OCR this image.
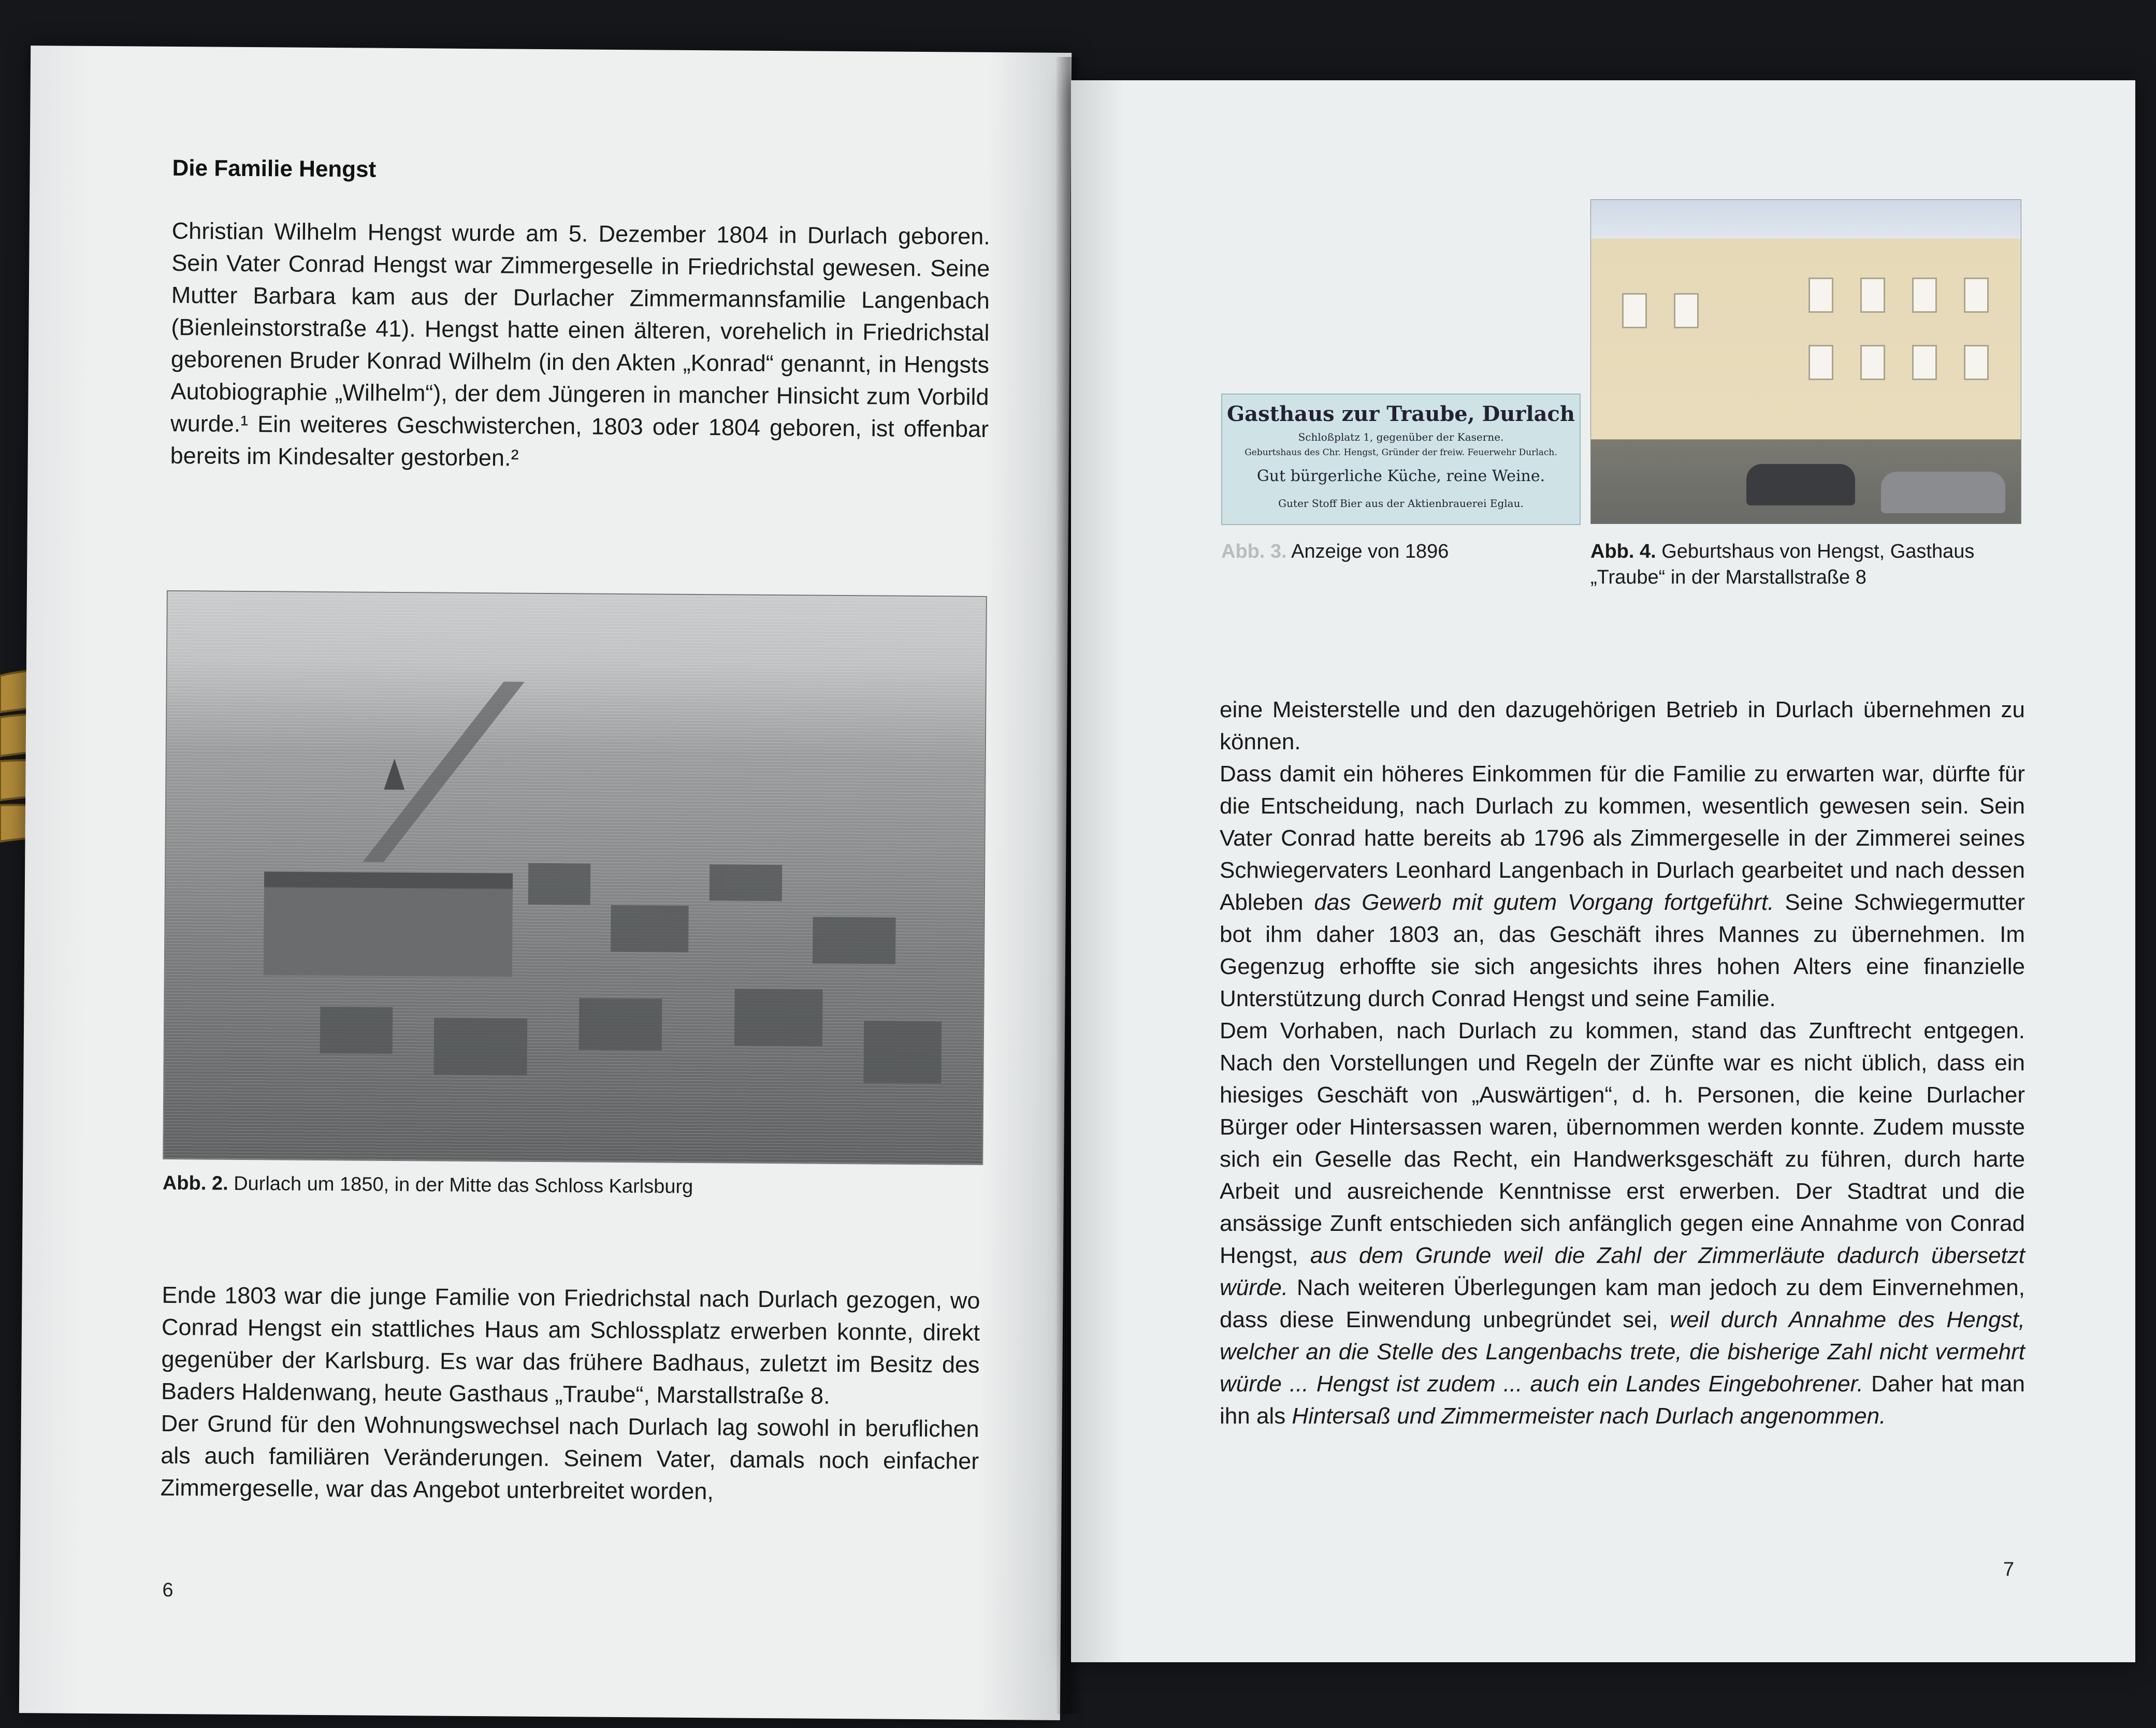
Die Familie Hengst

Christian Wilhelm Hengst wurde am 5. Dezember 1804 in Durlach geboren. Sein Vater Conrad Hengst war Zimmergeselle in Friedrichstal gewesen. Seine Mutter Barbara kam aus der Durlacher Zimmermannsfamilie Langenbach (Bienleinstorstraße 41). Hengst hatte einen älteren, vorehelich in Friedrichstal geborenen Bruder Konrad Wilhelm (in den Akten „Konrad“ genannt, in Hengsts Autobiographie „Wilhelm“), der dem Jüngeren in mancher Hinsicht zum Vorbild wurde.¹ Ein weiteres Geschwisterchen, 1803 oder 1804 geboren, ist offenbar bereits im Kindesalter gestorben.²

Abb. 2. Durlach um 1850, in der Mitte das Schloss Karlsburg

Ende 1803 war die junge Familie von Friedrichstal nach Durlach gezogen, wo Conrad Hengst ein stattliches Haus am Schlossplatz erwerben konnte, direkt gegenüber der Karlsburg. Es war das frühere Badhaus, zuletzt im Besitz des Baders Haldenwang, heute Gasthaus „Traube“, Marstallstraße 8.

Der Grund für den Wohnungswechsel nach Durlach lag sowohl in beruflichen als auch familiären Veränderungen. Seinem Vater, damals noch einfacher Zimmergeselle, war das Angebot unterbreitet worden,

6
Gasthaus zur Traube, Durlach
Schloßplatz 1, gegenüber der Kaserne.
Geburtshaus des Chr. Hengst, Gründer der freiw. Feuerwehr Durlach.
Gut bürgerliche Küche, reine Weine.
Guter Stoff Bier aus der Aktienbrauerei Eglau.

Abb. 3. Anzeige von 1896	Abb. 4. Geburtshaus von Hengst, Gasthaus „Traube“ in der Marstallstraße 8

eine Meisterstelle und den dazugehörigen Betrieb in Durlach übernehmen zu können.

Dass damit ein höheres Einkommen für die Familie zu erwarten war, dürfte für die Entscheidung, nach Durlach zu kommen, wesentlich gewesen sein. Sein Vater Conrad hatte bereits ab 1796 als Zimmergeselle in der Zimmerei seines Schwiegervaters Leonhard Langenbach in Durlach gearbeitet und nach dessen Ableben das Gewerb mit gutem Vorgang fortgeführt. Seine Schwiegermutter bot ihm daher 1803 an, das Geschäft ihres Mannes zu übernehmen. Im Gegenzug erhoffte sie sich angesichts ihres hohen Alters eine finanzielle Unterstützung durch Conrad Hengst und seine Familie.

Dem Vorhaben, nach Durlach zu kommen, stand das Zunftrecht entgegen. Nach den Vorstellungen und Regeln der Zünfte war es nicht üblich, dass ein hiesiges Geschäft von „Auswärtigen“, d. h. Personen, die keine Durlacher Bürger oder Hintersassen waren, übernommen werden konnte. Zudem musste sich ein Geselle das Recht, ein Handwerksgeschäft zu führen, durch harte Arbeit und ausreichende Kenntnisse erst erwerben. Der Stadtrat und die ansässige Zunft entschieden sich anfänglich gegen eine Annahme von Conrad Hengst, aus dem Grunde weil die Zahl der Zimmerläute dadurch übersetzt würde. Nach weiteren Überlegungen kam man jedoch zu dem Einvernehmen, dass diese Einwendung unbegründet sei, weil durch Annahme des Hengst, welcher an die Stelle des Langenbachs trete, die bisherige Zahl nicht vermehrt würde ... Hengst ist zudem ... auch ein Landes Eingebohrener. Daher hat man ihn als Hintersaß und Zimmermeister nach Durlach angenommen.

7
